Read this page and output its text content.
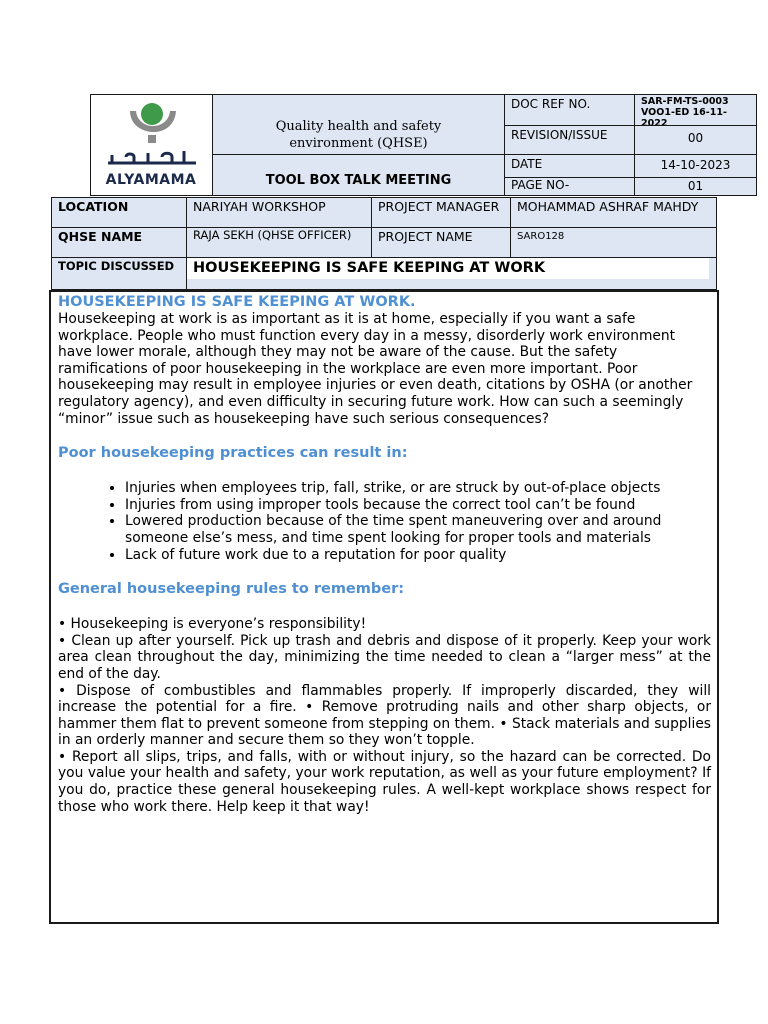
ALYAMAMA
Quality health and safety environment (QHSE)
TOOL BOX TALK MEETING
DOC REF NO.	SAR-FM-TS-0003
VOO1-ED 16-11-2022
REVISION/ISSUE	00
DATE	14-10-2023
PAGE NO-	01
LOCATION	NARIYAH WORKSHOP	PROJECT MANAGER	MOHAMMAD ASHRAF MAHDY
QHSE NAME	RAJA SEKH (QHSE OFFICER)	PROJECT NAME	SARO128
TOPIC DISCUSSED	HOUSEKEEPING IS SAFE KEEPING AT WORK
HOUSEKEEPING IS SAFE KEEPING AT WORK.

Housekeeping at work is as important as it is at home, especially if you want a safe workplace. People who must function every day in a messy, disorderly work environment have lower morale, although they may not be aware of the cause. But the safety ramifications of poor housekeeping in the workplace are even more important. Poor housekeeping may result in employee injuries or even death, citations by OSHA (or another regulatory agency), and even difficulty in securing future work. How can such a seemingly “minor” issue such as housekeeping have such serious consequences?

Poor housekeeping practices can result in:
• Injuries when employees trip, fall, strike, or are struck by out-of-place objects
• Injuries from using improper tools because the correct tool can’t be found
• Lowered production because of the time spent maneuvering over and around someone else’s mess, and time spent looking for proper tools and materials
• Lack of future work due to a reputation for poor quality
General housekeeping rules to remember:

• Housekeeping is everyone’s responsibility!

• Clean up after yourself. Pick up trash and debris and dispose of it properly. Keep your work area clean throughout the day, minimizing the time needed to clean a “larger mess” at the end of the day.

• Dispose of combustibles and flammables properly. If improperly discarded, they will increase the potential for a fire. • Remove protruding nails and other sharp objects, or hammer them flat to prevent someone from stepping on them. • Stack materials and supplies in an orderly manner and secure them so they won’t topple.

• Report all slips, trips, and falls, with or without injury, so the hazard can be corrected. Do you value your health and safety, your work reputation, as well as your future employment? If you do, practice these general housekeeping rules. A well-kept workplace shows respect for those who work there. Help keep it that way!
